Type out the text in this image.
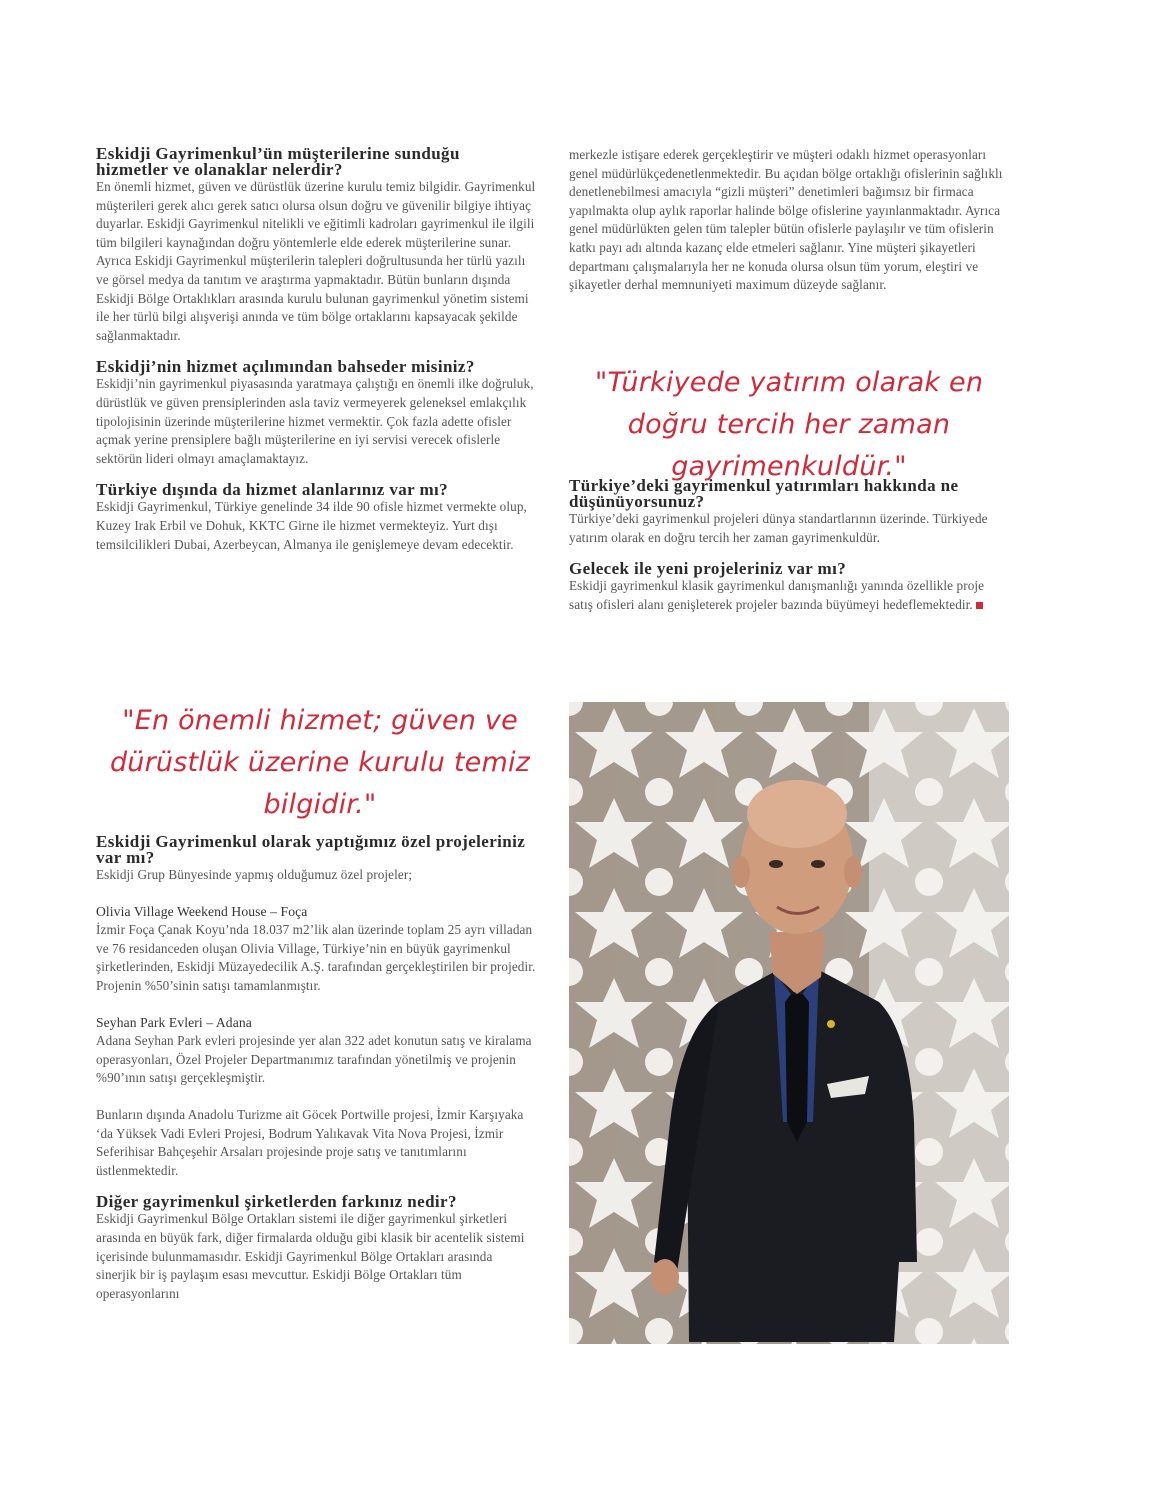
Eskidji Gayrimenkul’ün müşterilerine sunduğu hizmetler ve olanaklar nelerdir?

En önemli hizmet, güven ve dürüstlük üzerine kurulu temiz bilgidir. Gayrimenkul müşterileri gerek alıcı gerek satıcı olursa olsun doğru ve güvenilir bilgiye ihtiyaç duyarlar. Eskidji Gayrimenkul nitelikli ve eğitimli kadroları gayrimenkul ile ilgili tüm bilgileri kaynağından doğru yöntemlerle elde ederek müşterilerine sunar. Ayrıca Eskidji Gayrimenkul müşterilerin talepleri doğrultusunda her türlü yazılı ve görsel medya da tanıtım ve araştırma yapmaktadır. Bütün bunların dışında Eskidji Bölge Ortaklıkları arasında kurulu bulunan gayrimenkul yönetim sistemi ile her türlü bilgi alışverişi anında ve tüm bölge ortaklarını kapsayacak şekilde sağlanmaktadır.

Eskidji’nin hizmet açılımından bahseder misiniz?

Eskidji’nin gayrimenkul piyasasında yaratmaya çalıştığı en önemli ilke doğruluk, dürüstlük ve güven prensiplerinden asla taviz vermeyerek geleneksel emlakçılık tipolojisinin üzerinde müşterilerine hizmet vermektir. Çok fazla adette ofisler açmak yerine prensiplere bağlı müşterilerine en iyi servisi verecek ofislerle sektörün lideri olmayı amaçlamaktayız.

Türkiye dışında da hizmet alanlarınız var mı?

Eskidji Gayrimenkul, Türkiye genelinde 34 ilde 90 ofisle hizmet vermekte olup, Kuzey Irak Erbil ve Dohuk, KKTC Girne ile hizmet vermekteyiz. Yurt dışı temsilcilikleri Dubai, Azerbeycan, Almanya ile genişlemeye devam edecektir.

"En önemli hizmet; güven ve dürüstlük üzerine kurulu temiz bilgidir."
Eskidji Gayrimenkul olarak yaptığımız özel projeleriniz var mı?

Eskidji Grup Bünyesinde yapmış olduğumuz özel projeler;

Olivia Village Weekend House – Foça

İzmir Foça Çanak Koyu’nda 18.037 m2’lik alan üzerinde toplam 25 ayrı villadan ve 76 residanceden oluşan Olivia Village, Türkiye’nin en büyük gayrimenkul şirketlerinden, Eskidji Müzayedecilik A.Ş. tarafından gerçekleştirilen bir projedir. Projenin %50’sinin satışı tamamlanmıştır.

Seyhan Park Evleri – Adana

Adana Seyhan Park evleri projesinde yer alan 322 adet konutun satış ve kiralama operasyonları, Özel Projeler Departmanımız tarafından yönetilmiş ve projenin %90’ının satışı gerçekleşmiştir.

Bunların dışında Anadolu Turizme ait Göcek Portwille projesi, İzmir Karşıyaka ‘da Yüksek Vadi Evleri Projesi, Bodrum Yalıkavak Vita Nova Projesi, İzmir Seferihisar Bahçeşehir Arsaları projesinde proje satış ve tanıtımlarını üstlenmektedir.

Diğer gayrimenkul şirketlerden farkınız nedir?

Eskidji Gayrimenkul Bölge Ortakları sistemi ile diğer gayrimenkul şirketleri arasında en büyük fark, diğer firmalarda olduğu gibi klasik bir acentelik sistemi içerisinde bulunmamasıdır. Eskidji Gayrimenkul Bölge Ortakları arasında sinerjik bir iş paylaşım esası mevcuttur. Eskidji Bölge Ortakları tüm operasyonlarını

merkezle istişare ederek gerçekleştirir ve müşteri odaklı hizmet operasyonları genel müdürlükçedenetlenmektedir. Bu açıdan bölge ortaklığı ofislerinin sağlıklı denetlenebilmesi amacıyla “gizli müşteri” denetimleri bağımsız bir firmaca yapılmakta olup aylık raporlar halinde bölge ofislerine yayınlanmaktadır. Ayrıca genel müdürlükten gelen tüm talepler bütün ofislerle paylaşılır ve tüm ofislerin katkı payı adı altında kazanç elde etmeleri sağlanır. Yine müşteri şikayetleri departmanı çalışmalarıyla her ne konuda olursa olsun tüm yorum, eleştiri ve şikayetler derhal memnuniyeti maximum düzeyde sağlanır.

"Türkiyede yatırım olarak en doğru tercih her zaman gayrimenkuldür."
Türkiye’deki gayrimenkul yatırımları hakkında ne düşünüyorsunuz?

Türkiye’deki gayrimenkul projeleri dünya standartlarının üzerinde. Türkiyede yatırım olarak en doğru tercih her zaman gayrimenkuldür.

Gelecek ile yeni projeleriniz var mı?

Eskidji gayrimenkul klasik gayrimenkul danışmanlığı yanında özellikle proje satış ofisleri alanı genişleterek projeler bazında büyümeyi hedeflemektedir.
